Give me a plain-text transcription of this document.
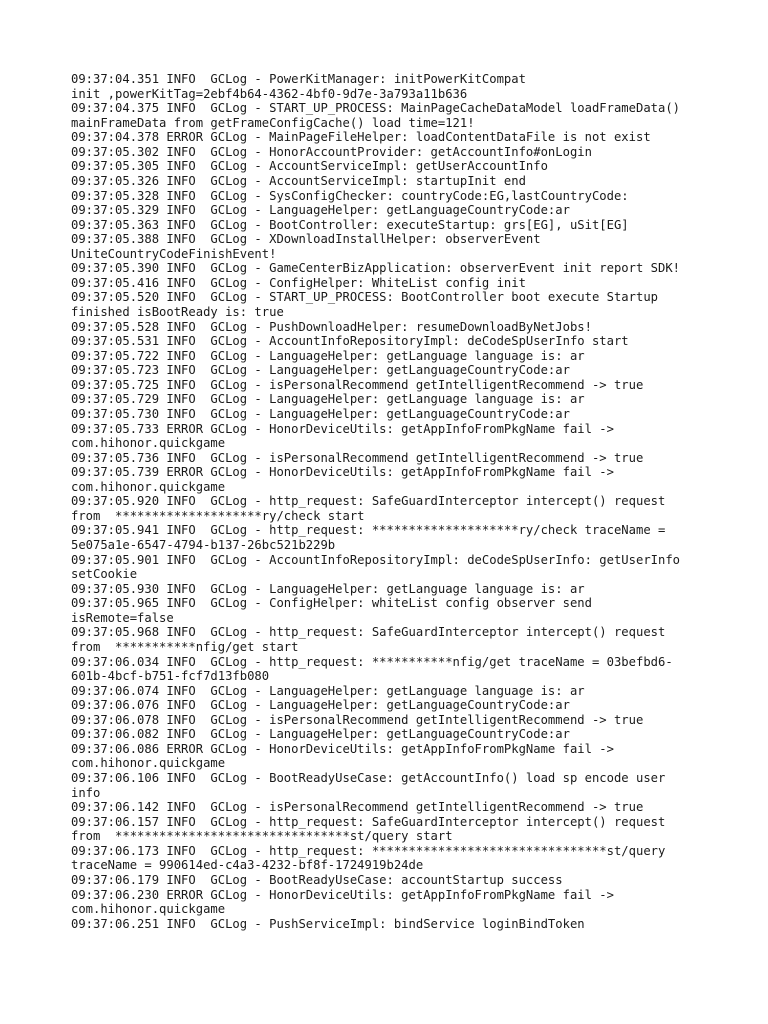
09:37:04.351 INFO  GCLog - PowerKitManager: initPowerKitCompat
init ,powerKitTag=2ebf4b64-4362-4bf0-9d7e-3a793a11b636
09:37:04.375 INFO  GCLog - START_UP_PROCESS: MainPageCacheDataModel loadFrameData()
mainFrameData from getFrameConfigCache() load time=121!
09:37:04.378 ERROR GCLog - MainPageFileHelper: loadContentDataFile is not exist
09:37:05.302 INFO  GCLog - HonorAccountProvider: getAccountInfo#onLogin
09:37:05.305 INFO  GCLog - AccountServiceImpl: getUserAccountInfo
09:37:05.326 INFO  GCLog - AccountServiceImpl: startupInit end
09:37:05.328 INFO  GCLog - SysConfigChecker: countryCode:EG,lastCountryCode:
09:37:05.329 INFO  GCLog - LanguageHelper: getLanguageCountryCode:ar
09:37:05.363 INFO  GCLog - BootController: executeStartup: grs[EG], uSit[EG]
09:37:05.388 INFO  GCLog - XDownloadInstallHelper: observerEvent
UniteCountryCodeFinishEvent!
09:37:05.390 INFO  GCLog - GameCenterBizApplication: observerEvent init report SDK!
09:37:05.416 INFO  GCLog - ConfigHelper: WhiteList config init
09:37:05.520 INFO  GCLog - START_UP_PROCESS: BootController boot execute Startup
finished isBootReady is: true
09:37:05.528 INFO  GCLog - PushDownloadHelper: resumeDownloadByNetJobs!
09:37:05.531 INFO  GCLog - AccountInfoRepositoryImpl: deCodeSpUserInfo start
09:37:05.722 INFO  GCLog - LanguageHelper: getLanguage language is: ar
09:37:05.723 INFO  GCLog - LanguageHelper: getLanguageCountryCode:ar
09:37:05.725 INFO  GCLog - isPersonalRecommend getIntelligentRecommend -> true
09:37:05.729 INFO  GCLog - LanguageHelper: getLanguage language is: ar
09:37:05.730 INFO  GCLog - LanguageHelper: getLanguageCountryCode:ar
09:37:05.733 ERROR GCLog - HonorDeviceUtils: getAppInfoFromPkgName fail ->
com.hihonor.quickgame
09:37:05.736 INFO  GCLog - isPersonalRecommend getIntelligentRecommend -> true
09:37:05.739 ERROR GCLog - HonorDeviceUtils: getAppInfoFromPkgName fail ->
com.hihonor.quickgame
09:37:05.920 INFO  GCLog - http_request: SafeGuardInterceptor intercept() request
from  ********************ry/check start
09:37:05.941 INFO  GCLog - http_request: ********************ry/check traceName =
5e075a1e-6547-4794-b137-26bc521b229b
09:37:05.901 INFO  GCLog - AccountInfoRepositoryImpl: deCodeSpUserInfo: getUserInfo
setCookie
09:37:05.930 INFO  GCLog - LanguageHelper: getLanguage language is: ar
09:37:05.965 INFO  GCLog - ConfigHelper: whiteList config observer send
isRemote=false
09:37:05.968 INFO  GCLog - http_request: SafeGuardInterceptor intercept() request
from  ***********nfig/get start
09:37:06.034 INFO  GCLog - http_request: ***********nfig/get traceName = 03befbd6-
601b-4bcf-b751-fcf7d13fb080
09:37:06.074 INFO  GCLog - LanguageHelper: getLanguage language is: ar
09:37:06.076 INFO  GCLog - LanguageHelper: getLanguageCountryCode:ar
09:37:06.078 INFO  GCLog - isPersonalRecommend getIntelligentRecommend -> true
09:37:06.082 INFO  GCLog - LanguageHelper: getLanguageCountryCode:ar
09:37:06.086 ERROR GCLog - HonorDeviceUtils: getAppInfoFromPkgName fail ->
com.hihonor.quickgame
09:37:06.106 INFO  GCLog - BootReadyUseCase: getAccountInfo() load sp encode user
info
09:37:06.142 INFO  GCLog - isPersonalRecommend getIntelligentRecommend -> true
09:37:06.157 INFO  GCLog - http_request: SafeGuardInterceptor intercept() request
from  ********************************st/query start
09:37:06.173 INFO  GCLog - http_request: ********************************st/query
traceName = 990614ed-c4a3-4232-bf8f-1724919b24de
09:37:06.179 INFO  GCLog - BootReadyUseCase: accountStartup success
09:37:06.230 ERROR GCLog - HonorDeviceUtils: getAppInfoFromPkgName fail ->
com.hihonor.quickgame
09:37:06.251 INFO  GCLog - PushServiceImpl: bindService loginBindToken
